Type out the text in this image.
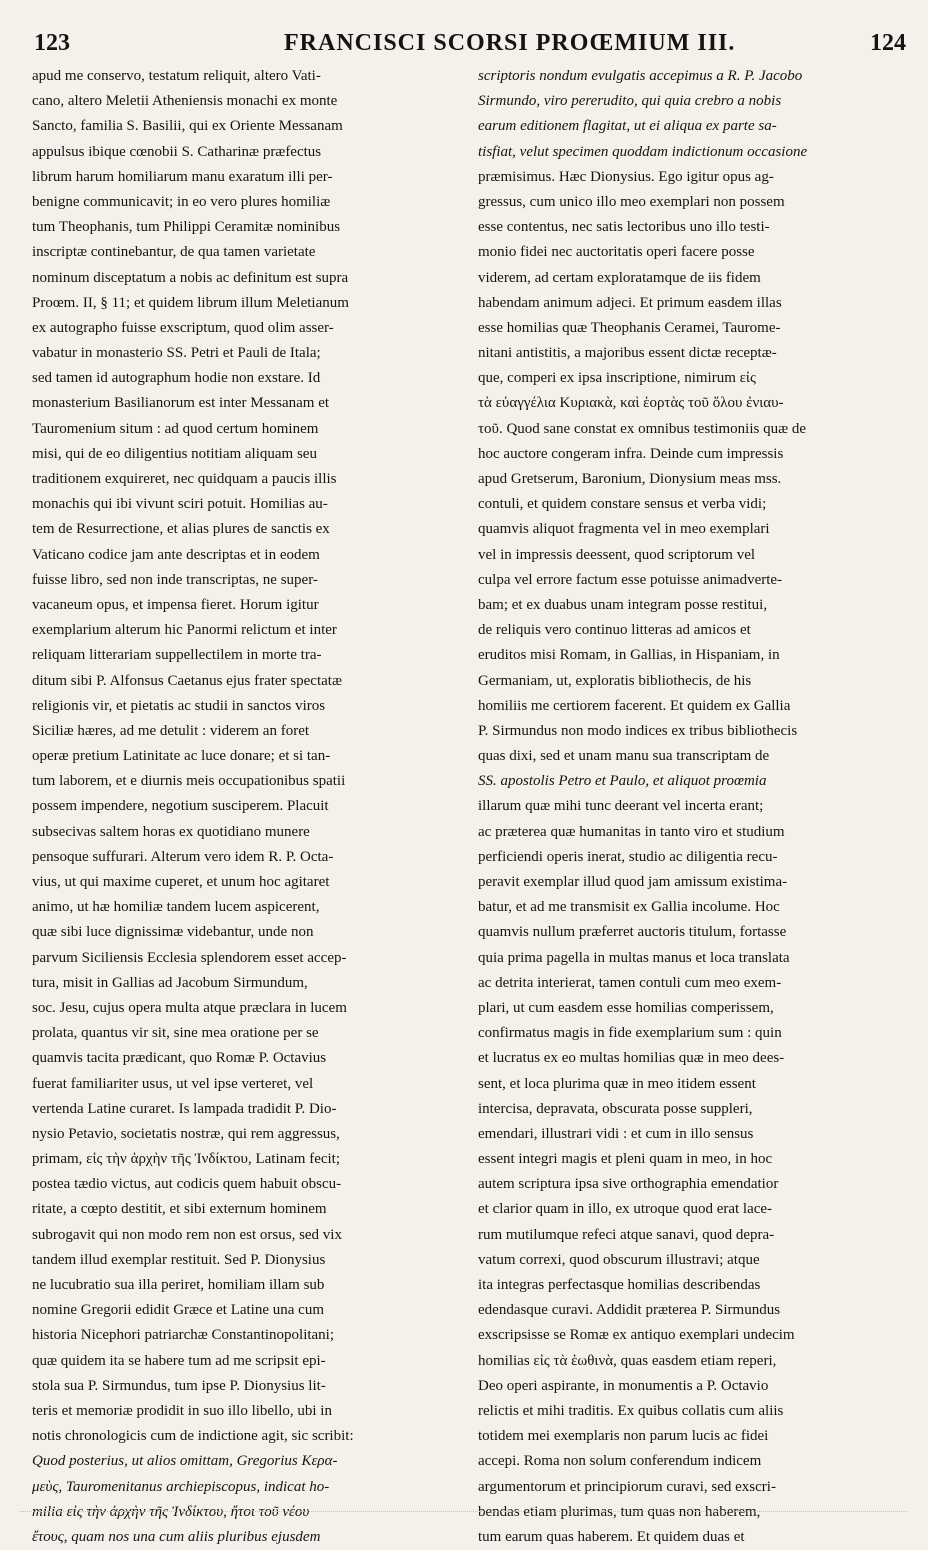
123	FRANCISCI SCORSI PROŒMIUM III.	124
apud me conservo, testatum reliquit, altero Vati-
cano, altero Meletii Atheniensis monachi ex monte
Sancto, familia S. Basilii, qui ex Oriente Messanam
appulsus ibique cœnobii S. Catharinæ præfectus
librum harum homiliarum manu exaratum illi per-
benigne communicavit; in eo vero plures homiliæ
tum Theophanis, tum Philippi Ceramitæ nominibus
inscriptæ continebantur, de qua tamen varietate
nominum disceptatum a nobis ac definitum est supra
Proœm. II, § 11; et quidem librum illum Meletianum
ex autographo fuisse exscriptum, quod olim asser-
vabatur in monasterio SS. Petri et Pauli de Itala;
sed tamen id autographum hodie non exstare. Id
monasterium Basilianorum est inter Messanam et
Tauromenium situm : ad quod certum hominem
misi, qui de eo diligentius notitiam aliquam seu
traditionem exquireret, nec quidquam a paucis illis
monachis qui ibi vivunt sciri potuit. Homilias au-
tem de Resurrectione, et alias plures de sanctis ex
Vaticano codice jam ante descriptas et in eodem
fuisse libro, sed non inde transcriptas, ne super-
vacaneum opus, et impensa fieret. Horum igitur
exemplarium alterum hic Panormi relictum et inter
reliquam litterariam suppellectilem in morte tra-
ditum sibi P. Alfonsus Caetanus ejus frater spectatæ
religionis vir, et pietatis ac studii in sanctos viros
Siciliæ hæres, ad me detulit : viderem an foret
operæ pretium Latinitate ac luce donare; et si tan-
tum laborem, et e diurnis meis occupationibus spatii
possem impendere, negotium susciperem. Placuit
subsecivas saltem horas ex quotidiano munere
pensoque suffurari. Alterum vero idem R. P. Octa-
vius, ut qui maxime cuperet, et unum hoc agitaret
animo, ut hæ homiliæ tandem lucem aspicerent,
quæ sibi luce dignissimæ videbantur, unde non
parvum Siciliensis Ecclesia splendorem esset accep-
tura, misit in Gallias ad Jacobum Sirmundum,
soc. Jesu, cujus opera multa atque præclara in lucem
prolata, quantus vir sit, sine mea oratione per se
quamvis tacita prædicant, quo Romæ P. Octavius
fuerat familiariter usus, ut vel ipse verteret, vel
vertenda Latine curaret. Is lampada tradidit P. Dio-
nysio Petavio, societatis nostræ, qui rem aggressus,
primam, εἰς τὴν ἀρχὴν τῆς Ἰνδίκτου, Latinam fecit;
postea tædio victus, aut codicis quem habuit obscu-
ritate, a cœpto destitit, et sibi externum hominem
subrogavit qui non modo rem non est orsus, sed vix
tandem illud exemplar restituit. Sed P. Dionysius
ne lucubratio sua illa periret, homiliam illam sub
nomine Gregorii edidit Græce et Latine una cum
historia Nicephori patriarchæ Constantinopolitani;
quæ quidem ita se habere tum ad me scripsit epi-
stola sua P. Sirmundus, tum ipse P. Dionysius lit-
teris et memoriæ prodidit in suo illo libello, ubi in
notis chronologicis cum de indictione agit, sic scribit:
Quod posterius, ut alios omittam, Gregorius Κερα-
μεὺς, Tauromenitanus archiepiscopus, indicat ho-
milia εἰς τὴν ἀρχὴν τῆς Ἰνδίκτου, ἤτοι τοῦ νέου
ἔτους, quam nos una cum aliis pluribus ejusdem
scriptoris nondum evulgatis accepimus a R. P. Jacobo
Sirmundo, viro pereruditо, qui quia crebro a nobis
earum editionem flagitat, ut ei aliqua ex parte sa-
tisfiat, velut specimen quoddam indictionum occasione
præmisimus. Hæc Dionysius. Ego igitur opus ag-
gressus, cum unico illo meo exemplari non possem
esse contentus, nec satis lectoribus uno illo testi-
monio fidei nec auctoritatis operi facere posse
viderem, ad certam exploratamque de iis fidem
habendam animum adjeci. Et primum easdem illas
esse homilias quæ Theophanis Ceramei, Taurome-
nitani antistitis, a majoribus essent dictæ receptæ-
que, comperi ex ipsa inscriptione, nimirum εἰς
τὰ εὐαγγέλια Κυριακὰ, καὶ ἑορτὰς τοῦ ὅλου ἐνιαυ-
τοῦ. Quod sane constat ex omnibus testimoniis quæ de
hoc auctore congeram infra. Deinde cum impressis
apud Gretserum, Baronium, Dionysium meas mss.
contuli, et quidem constare sensus et verba vidi;
quamvis aliquot fragmenta vel in meo exemplari
vel in impressis deessent, quod scriptorum vel
culpa vel errore factum esse potuisse animadverte-
bam; et ex duabus unam integram posse restitui,
de reliquis vero continuo litteras ad amicos et
eruditos misi Romam, in Gallias, in Hispaniam, in
Germaniam, ut, exploratis bibliothecis, de his
homiliis me certiorem facerent. Et quidem ex Gallia
P. Sirmundus non modo indices ex tribus bibliothecis
quas dixi, sed et unam manu sua transcriptam de
SS. apostolis Petro et Paulo, et aliquot proœmia
illarum quæ mihi tunc deerant vel incerta erant;
ac præterea quæ humanitas in tanto viro et studium
perficiendi operis inerat, studio ac diligentia recu-
peravit exemplar illud quod jam amissum existima-
batur, et ad me transmisit ex Gallia incolume. Hoc
quamvis nullum præferret auctoris titulum, fortasse
quia prima pagella in multas manus et loca translata
ac detrita interierat, tamen contuli cum meo exem-
plari, ut cum easdem esse homilias comperissem,
confirmatus magis in fide exemplarium sum : quin
et lucratus ex eo multas homilias quæ in meo dees-
sent, et loca plurima quæ in meo itidem essent
intercisa, depravata, obscurata posse suppleri,
emendari, illustrari vidi : et cum in illo sensus
essent integri magis et pleni quam in meo, in hoc
autem scriptura ipsa sive orthographia emendatior
et clarior quam in illo, ex utroque quod erat lace-
rum mutilumque refeci atque sanavi, quod depra-
vatum correxi, quod obscurum illustravi; atque
ita integras perfectasque homilias describendas
edendasque curavi. Addidit præterea P. Sirmundus
exscripsisse se Romæ ex antiquo exemplari undecim
homilias εἰς τὰ ἑωθινὰ, quas easdem etiam reperi,
Deo operi aspirante, in monumentis a P. Octavio
relictis et mihi traditis. Ex quibus collatis cum aliis
totidem mei exemplaris non parum lucis ac fidei
accepi. Roma non solum conferendum indicem
argumentorum et principiorum curavi, sed exscri-
bendas etiam plurimas, tum quas non haberem,
tum earum quas haberem. Et quidem duas et
